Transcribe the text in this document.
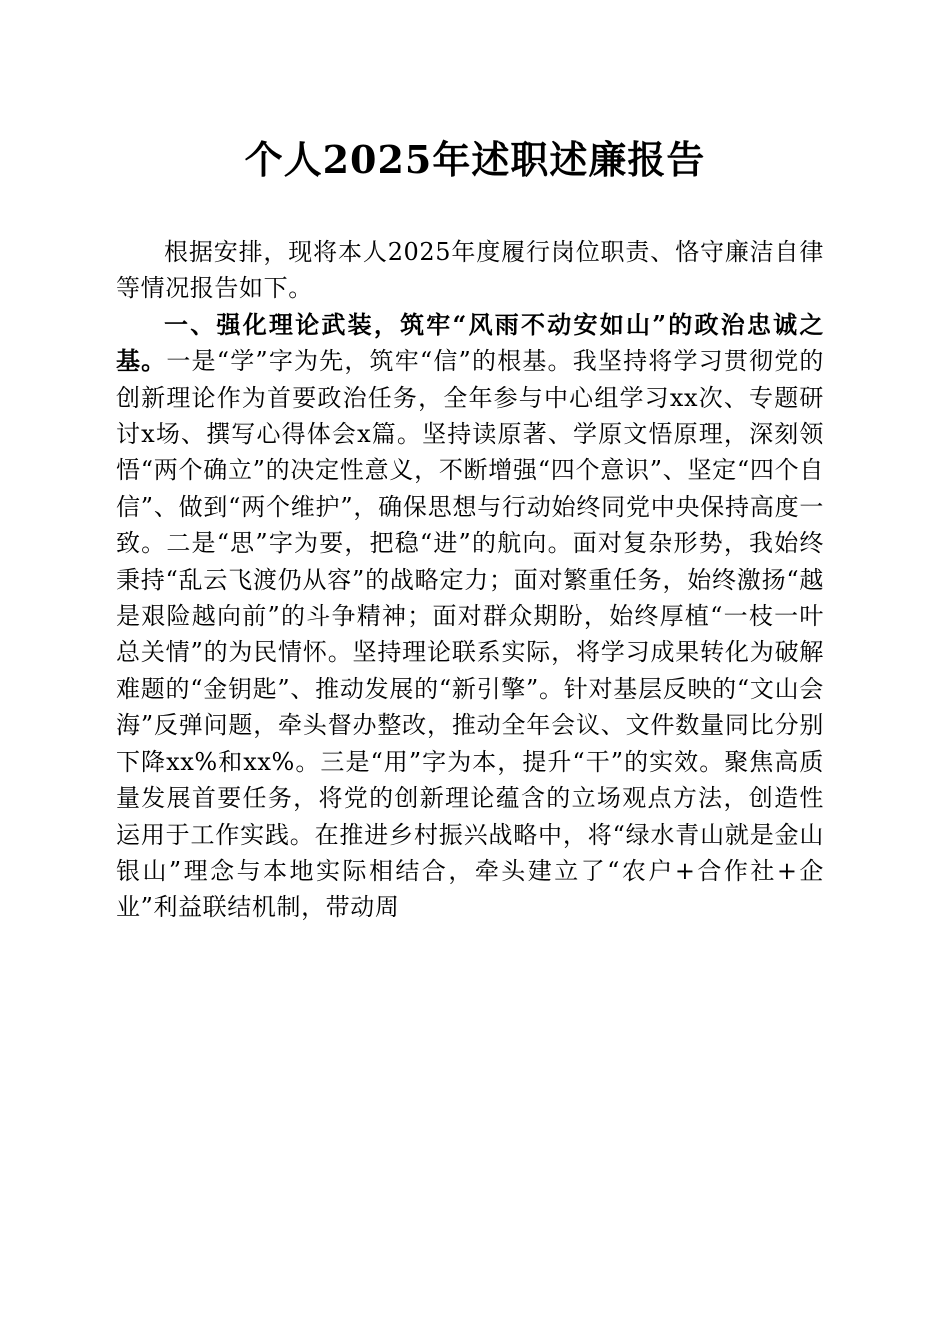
个人2025年述职述廉报告

根据安排，现将本人2025年度履行岗位职责、恪守廉洁自律等情况报告如下。

一、强化理论武装，筑牢“风雨不动安如山”的政治忠诚之基。一是“学”字为先，筑牢“信”的根基。我坚持将学习贯彻党的创新理论作为首要政治任务，全年参与中心组学习xx次、专题研讨x场、撰写心得体会x篇。坚持读原著、学原文悟原理，深刻领悟“两个确立”的决定性意义，不断增强“四个意识”、坚定“四个自信”、做到“两个维护”，确保思想与行动始终同党中央保持高度一致。二是“思”字为要，把稳“进”的航向。面对复杂形势，我始终秉持“乱云飞渡仍从容”的战略定力；面对繁重任务，始终激扬“越是艰险越向前”的斗争精神；面对群众期盼，始终厚植“一枝一叶总关情”的为民情怀。坚持理论联系实际，将学习成果转化为破解难题的“金钥匙”、推动发展的“新引擎”。针对基层反映的“文山会海”反弹问题，牵头督办整改，推动全年会议、文件数量同比分别下降xx%和xx%。三是“用”字为本，提升“干”的实效。聚焦高质量发展首要任务，将党的创新理论蕴含的立场观点方法，创造性运用于工作实践。在推进乡村振兴战略中，将“绿水青山就是金山银山”理念与本地实际相结合，牵头建立了“农户+合作社+企业”利益联结机制，带动周
